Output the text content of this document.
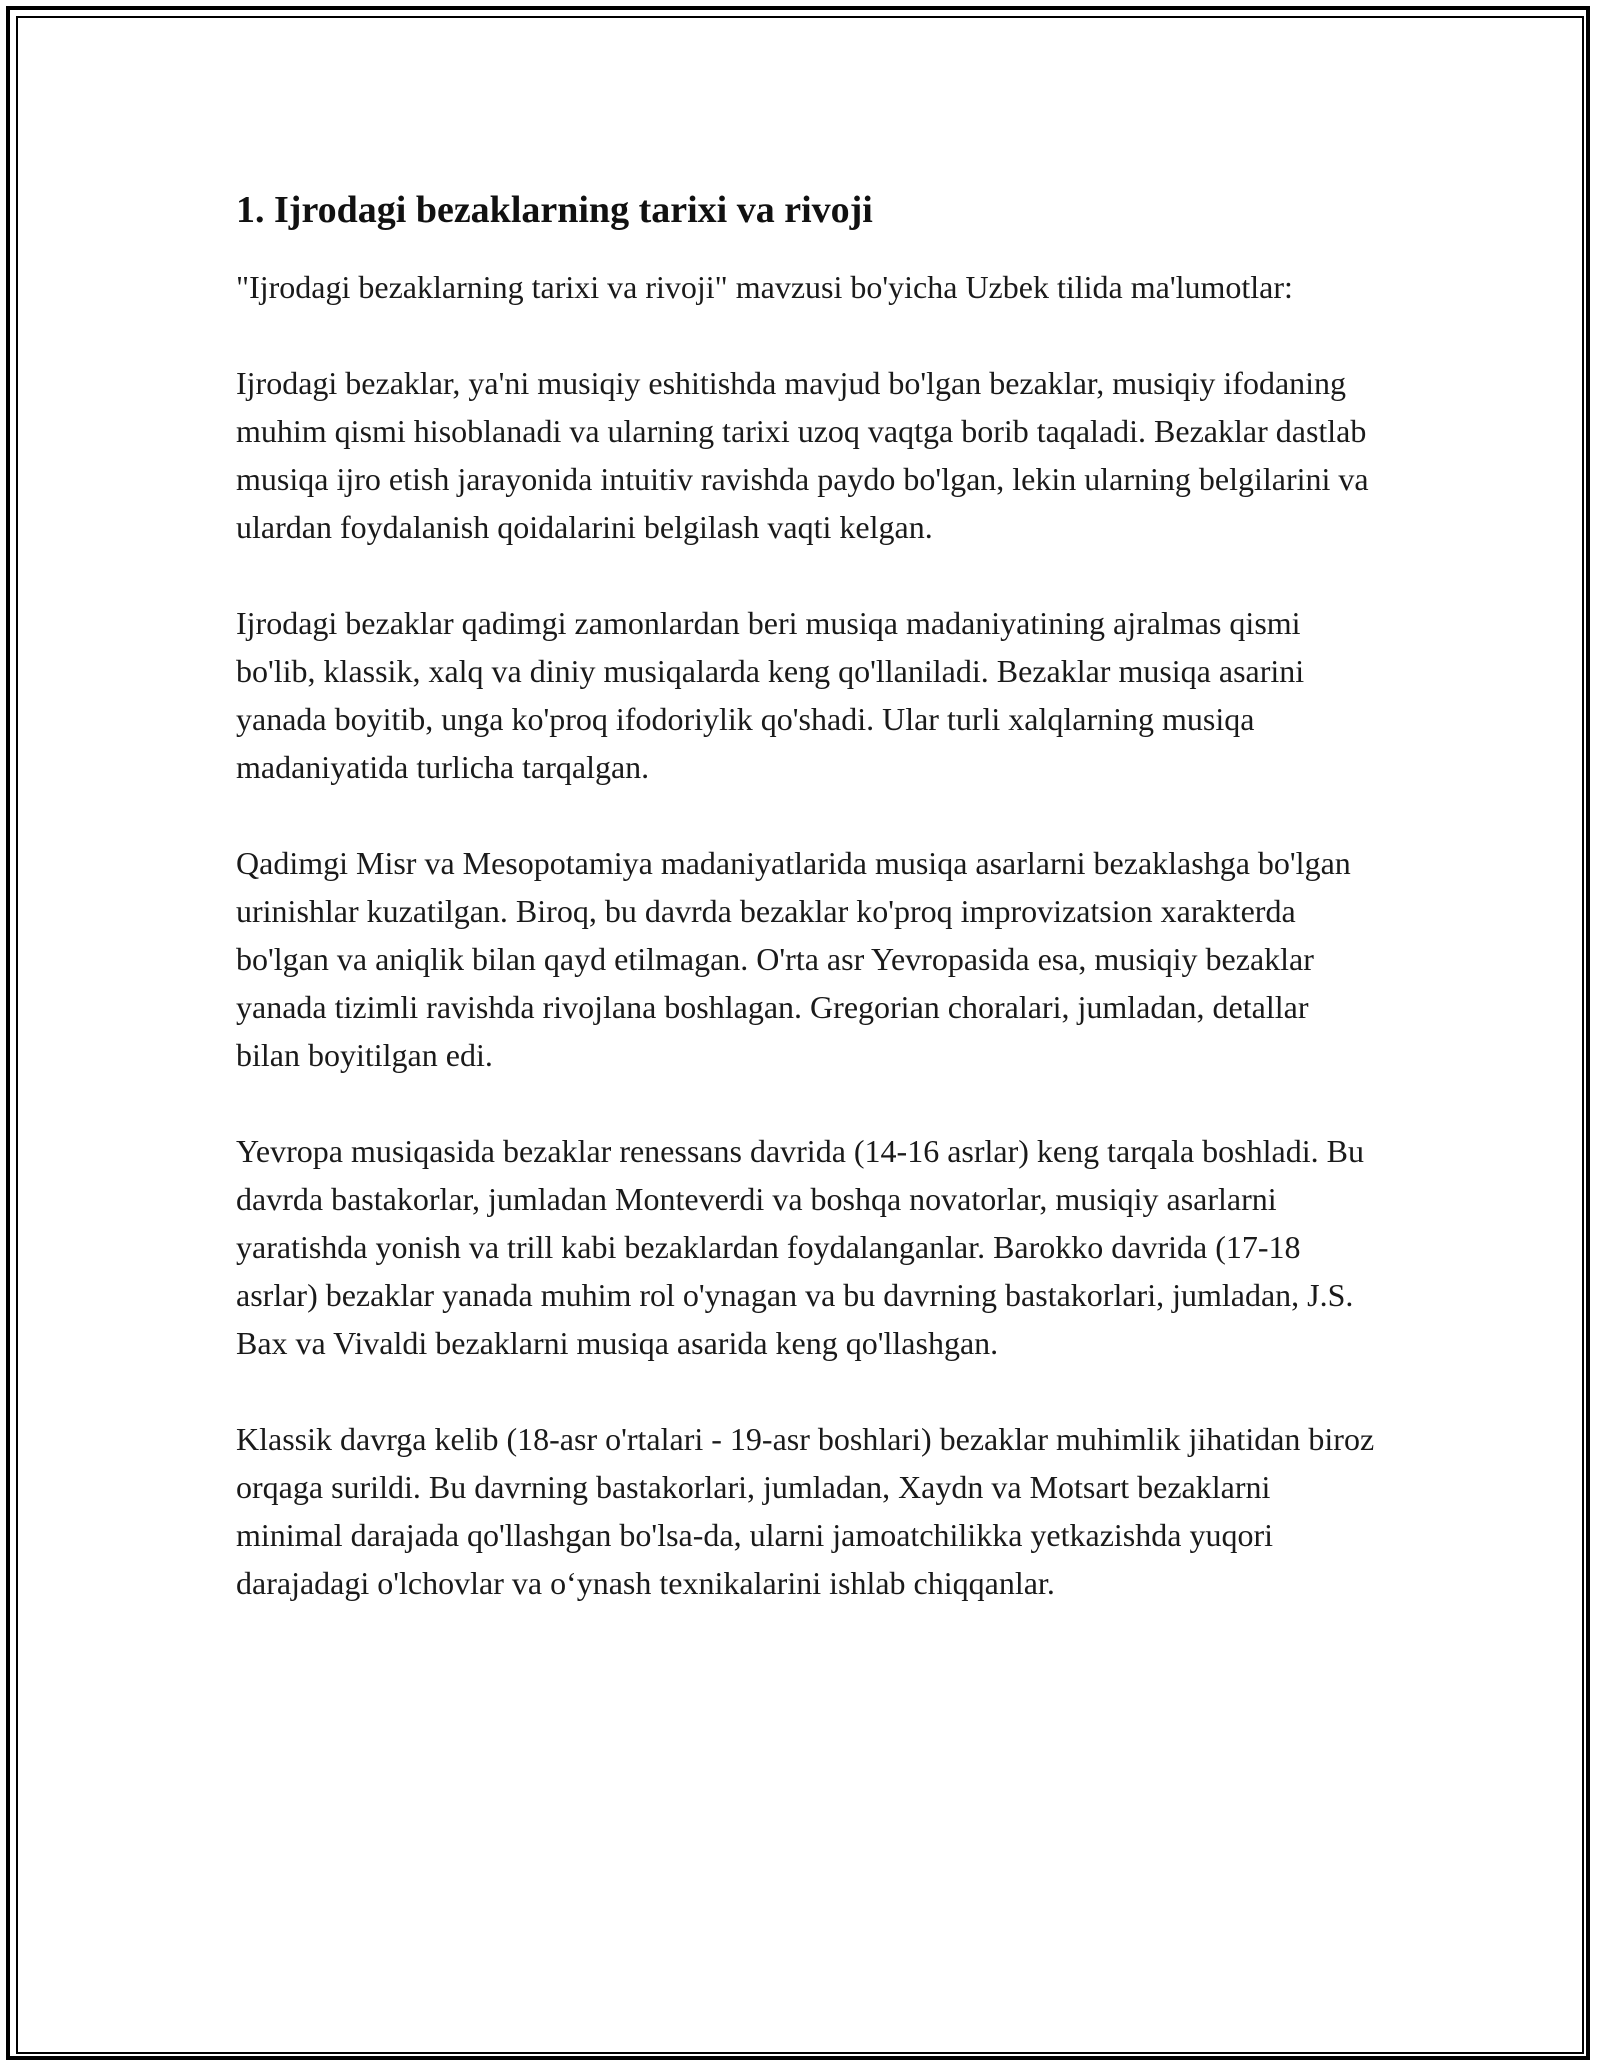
1. Ijrodagi bezaklarning tarixi va rivoji

"Ijrodagi bezaklarning tarixi va rivoji" mavzusi bo'yicha Uzbek tilida ma'lumotlar:

Ijrodagi bezaklar, ya'ni musiqiy eshitishda mavjud bo'lgan bezaklar, musiqiy ifodaning muhim qismi hisoblanadi va ularning tarixi uzoq vaqtga borib taqaladi. Bezaklar dastlab musiqa ijro etish jarayonida intuitiv ravishda paydo bo'lgan, lekin ularning belgilarini va ulardan foydalanish qoidalarini belgilash vaqti kelgan.

Ijrodagi bezaklar qadimgi zamonlardan beri musiqa madaniyatining ajralmas qismi bo'lib, klassik, xalq va diniy musiqalarda keng qo'llaniladi. Bezaklar musiqa asarini yanada boyitib, unga ko'proq ifodoriylik qo'shadi. Ular turli xalqlarning musiqa madaniyatida turlicha tarqalgan.

Qadimgi Misr va Mesopotamiya madaniyatlarida musiqa asarlarni bezaklashga bo'lgan urinishlar kuzatilgan. Biroq, bu davrda bezaklar ko'proq improvizatsion xarakterda bo'lgan va aniqlik bilan qayd etilmagan. O'rta asr Yevropasida esa, musiqiy bezaklar yanada tizimli ravishda rivojlana boshlagan. Gregorian choralari, jumladan, detallar bilan boyitilgan edi.

Yevropa musiqasida bezaklar renessans davrida (14-16 asrlar) keng tarqala boshladi. Bu davrda bastakorlar, jumladan Monteverdi va boshqa novatorlar, musiqiy asarlarni yaratishda yonish va trill kabi bezaklardan foydalanganlar. Barokko davrida (17-18 asrlar) bezaklar yanada muhim rol o'ynagan va bu davrning bastakorlari, jumladan, J.S. Bax va Vivaldi bezaklarni musiqa asarida keng qo'llashgan.

Klassik davrga kelib (18-asr o'rtalari - 19-asr boshlari) bezaklar muhimlik jihatidan biroz orqaga surildi. Bu davrning bastakorlari, jumladan, Xaydn va Motsart bezaklarni minimal darajada qo'llashgan bo'lsa-da, ularni jamoatchilikka yetkazishda yuqori darajadagi o'lchovlar va o‘ynash texnikalarini ishlab chiqqanlar.
